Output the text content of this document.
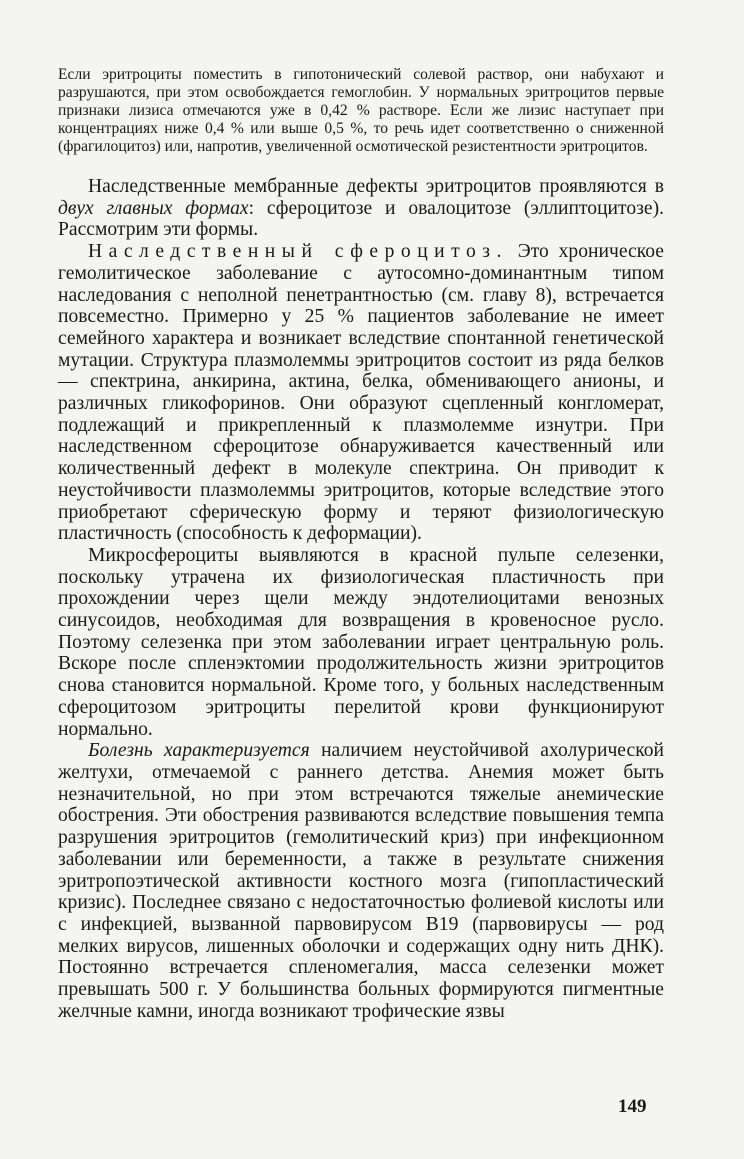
Если эритроциты поместить в гипотонический солевой раствор, они набухают и разрушаются, при этом освобождается гемоглобин. У нормальных эритроцитов первые признаки лизиса отмечаются уже в 0,42 % растворе. Если же лизис наступает при концентрациях ниже 0,4 % или выше 0,5 %, то речь идет соответственно о сниженной (фрагилоцитоз) или, напротив, увеличенной осмотической резистентности эритроцитов.

Наследственные мембранные дефекты эритроцитов проявляются в двух главных формах: сфероцитозе и овалоцитозе (эллиптоцитозе). Рассмотрим эти формы.

Наследственный сфероцитоз. Это хроническое гемолитическое заболевание с аутосомно-доминантным типом наследования с неполной пенетрантностью (см. главу 8), встречается повсеместно. Примерно у 25 % пациентов заболевание не имеет семейного характера и возникает вследствие спонтанной генетической мутации. Структура плазмолеммы эритроцитов состоит из ряда белков — спектрина, анкирина, актина, белка, обменивающего анионы, и различных гликофоринов. Они образуют сцепленный конгломерат, подлежащий и прикрепленный к плазмолемме изнутри. При наследственном сфероцитозе обнаруживается качественный или количественный дефект в молекуле спектрина. Он приводит к неустойчивости плазмолеммы эритроцитов, которые вследствие этого приобретают сферическую форму и теряют физиологическую пластичность (способность к деформации).

Микросфероциты выявляются в красной пульпе селезенки, поскольку утрачена их физиологическая пластичность при прохождении через щели между эндотелиоцитами венозных синусоидов, необходимая для возвращения в кровеносное русло. Поэтому селезенка при этом заболевании играет центральную роль. Вскоре после спленэктомии продолжительность жизни эритроцитов снова становится нормальной. Кроме того, у больных наследственным сфероцитозом эритроциты перелитой крови функционируют нормально.

Болезнь характеризуется наличием неустойчивой ахолурической желтухи, отмечаемой с раннего детства. Анемия может быть незначительной, но при этом встречаются тяжелые анемические обострения. Эти обострения развиваются вследствие повышения темпа разрушения эритроцитов (гемолитический криз) при инфекционном заболевании или беременности, а также в результате снижения эритропоэтической активности костного мозга (гипопластический кризис). Последнее связано с недостаточностью фолиевой кислоты или с инфекцией, вызванной парвовирусом B19 (парвовирусы — род мелких вирусов, лишенных оболочки и содержащих одну нить ДНК). Постоянно встречается спленомегалия, масса селезенки может превышать 500 г. У большинства больных формируются пигментные желчные камни, иногда возникают трофические язвы

149
